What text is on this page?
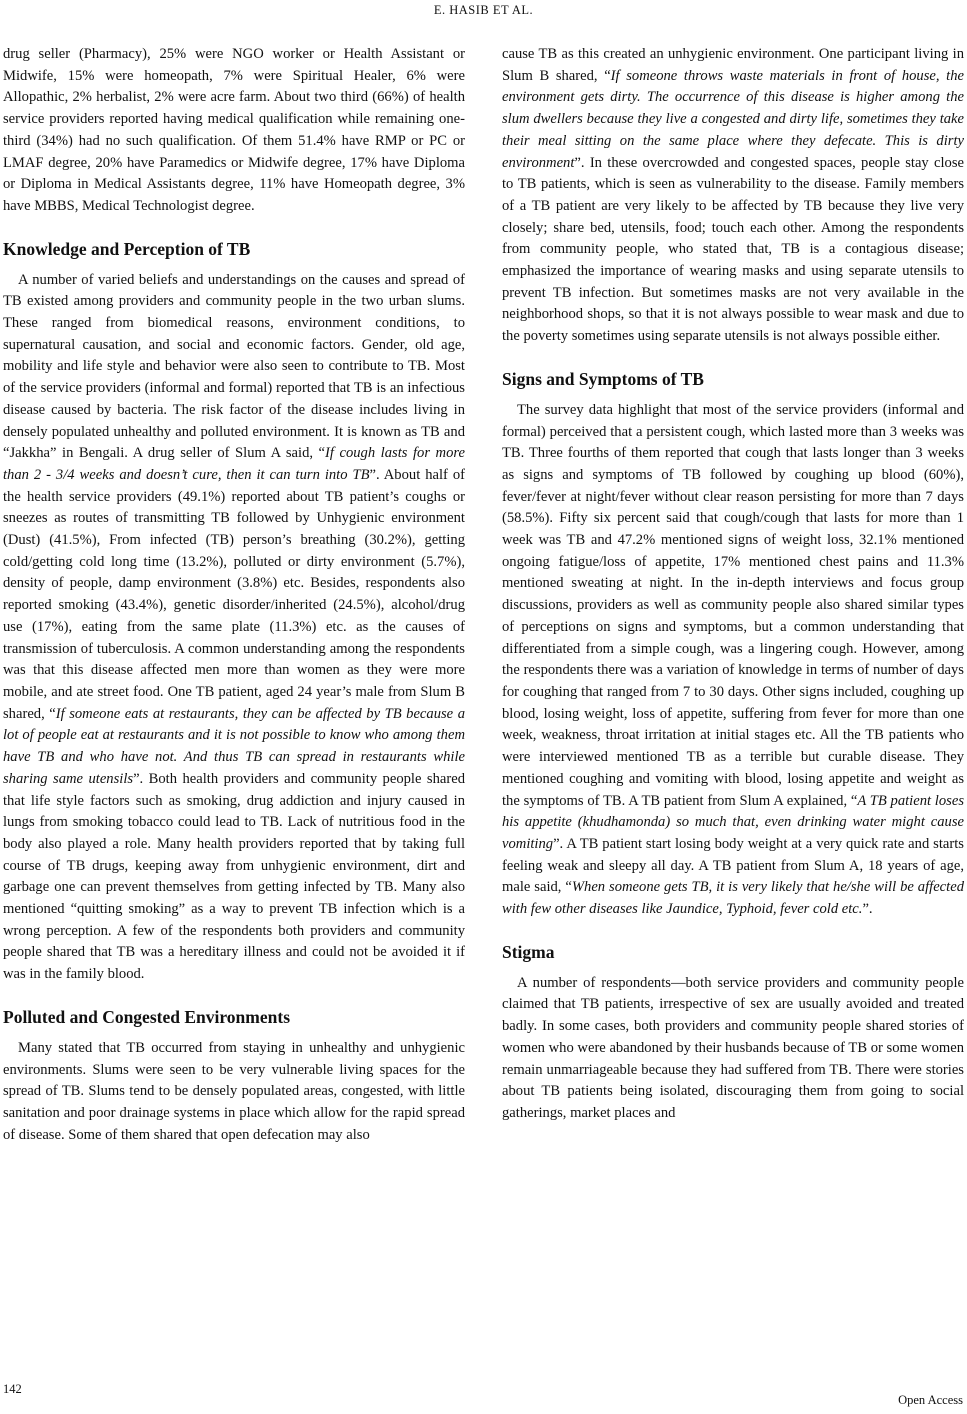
E. HASIB ET AL.

drug seller (Pharmacy), 25% were NGO worker or Health Assistant or Midwife, 15% were homeopath, 7% were Spiritual Healer, 6% were Allopathic, 2% herbalist, 2% were acre farm. About two third (66%) of health service providers reported having medical qualification while remaining one-third (34%) had no such qualification. Of them 51.4% have RMP or PC or LMAF degree, 20% have Paramedics or Midwife degree, 17% have Diploma or Diploma in Medical Assistants degree, 11% have Homeopath degree, 3% have MBBS, Medical Technologist degree.

Knowledge and Perception of TB

A number of varied beliefs and understandings on the causes and spread of TB existed among providers and community people in the two urban slums. These ranged from biomedical reasons, environment conditions, to supernatural causation, and social and economic factors. Gender, old age, mobility and life style and behavior were also seen to contribute to TB. Most of the service providers (informal and formal) reported that TB is an infectious disease caused by bacteria. The risk factor of the disease includes living in densely populated unhealthy and polluted environment. It is known as TB and “Jakkha” in Bengali. A drug seller of Slum A said, “If cough lasts for more than 2 - 3/4 weeks and doesn’t cure, then it can turn into TB”. About half of the health service providers (49.1%) reported about TB patient’s coughs or sneezes as routes of transmitting TB followed by Unhygienic environment (Dust) (41.5%), From infected (TB) person’s breathing (30.2%), getting cold/getting cold long time (13.2%), polluted or dirty environment (5.7%), density of people, damp environment (3.8%) etc. Besides, respondents also reported smoking (43.4%), genetic disorder/inherited (24.5%), alcohol/drug use (17%), eating from the same plate (11.3%) etc. as the causes of transmission of tuberculosis. A common understanding among the respondents was that this disease affected men more than women as they were more mobile, and ate street food. One TB patient, aged 24 year’s male from Slum B shared, “If someone eats at restaurants, they can be affected by TB because a lot of people eat at restaurants and it is not possible to know who among them have TB and who have not. And thus TB can spread in restaurants while sharing same utensils”. Both health providers and community people shared that life style factors such as smoking, drug addiction and injury caused in lungs from smoking tobacco could lead to TB. Lack of nutritious food in the body also played a role. Many health providers reported that by taking full course of TB drugs, keeping away from unhygienic environment, dirt and garbage one can prevent themselves from getting infected by TB. Many also mentioned “quitting smoking” as a way to prevent TB infection which is a wrong perception. A few of the respondents both providers and community people shared that TB was a hereditary illness and could not be avoided it if was in the family blood.

Polluted and Congested Environments

Many stated that TB occurred from staying in unhealthy and unhygienic environments. Slums were seen to be very vulnerable living spaces for the spread of TB. Slums tend to be densely populated areas, congested, with little sanitation and poor drainage systems in place which allow for the rapid spread of disease. Some of them shared that open defecation may also

cause TB as this created an unhygienic environment. One participant living in Slum B shared, “If someone throws waste materials in front of house, the environment gets dirty. The occurrence of this disease is higher among the slum dwellers because they live a congested and dirty life, sometimes they take their meal sitting on the same place where they defecate. This is dirty environment”. In these overcrowded and congested spaces, people stay close to TB patients, which is seen as vulnerability to the disease. Family members of a TB patient are very likely to be affected by TB because they live very closely; share bed, utensils, food; touch each other. Among the respondents from community people, who stated that, TB is a contagious disease; emphasized the importance of wearing masks and using separate utensils to prevent TB infection. But sometimes masks are not very available in the neighborhood shops, so that it is not always possible to wear mask and due to the poverty sometimes using separate utensils is not always possible either.

Signs and Symptoms of TB

The survey data highlight that most of the service providers (informal and formal) perceived that a persistent cough, which lasted more than 3 weeks was TB. Three fourths of them reported that cough that lasts longer than 3 weeks as signs and symptoms of TB followed by coughing up blood (60%), fever/fever at night/fever without clear reason persisting for more than 7 days (58.5%). Fifty six percent said that cough/cough that lasts for more than 1 week was TB and 47.2% mentioned signs of weight loss, 32.1% mentioned ongoing fatigue/loss of appetite, 17% mentioned chest pains and 11.3% mentioned sweating at night. In the in-depth interviews and focus group discussions, providers as well as community people also shared similar types of perceptions on signs and symptoms, but a common understanding that differentiated from a simple cough, was a lingering cough. However, among the respondents there was a variation of knowledge in terms of number of days for coughing that ranged from 7 to 30 days. Other signs included, coughing up blood, losing weight, loss of appetite, suffering from fever for more than one week, weakness, throat irritation at initial stages etc. All the TB patients who were interviewed mentioned TB as a terrible but curable disease. They mentioned coughing and vomiting with blood, losing appetite and weight as the symptoms of TB. A TB patient from Slum A explained, “A TB patient loses his appetite (khudhamonda) so much that, even drinking water might cause vomiting”. A TB patient start losing body weight at a very quick rate and starts feeling weak and sleepy all day. A TB patient from Slum A, 18 years of age, male said, “When someone gets TB, it is very likely that he/she will be affected with few other diseases like Jaundice, Typhoid, fever cold etc.”.

Stigma

A number of respondents—both service providers and community people claimed that TB patients, irrespective of sex are usually avoided and treated badly. In some cases, both providers and community people shared stories of women who were abandoned by their husbands because of TB or some women remain unmarriageable because they had suffered from TB. There were stories about TB patients being isolated, discouraging them from going to social gatherings, market places and

142
Open Access
